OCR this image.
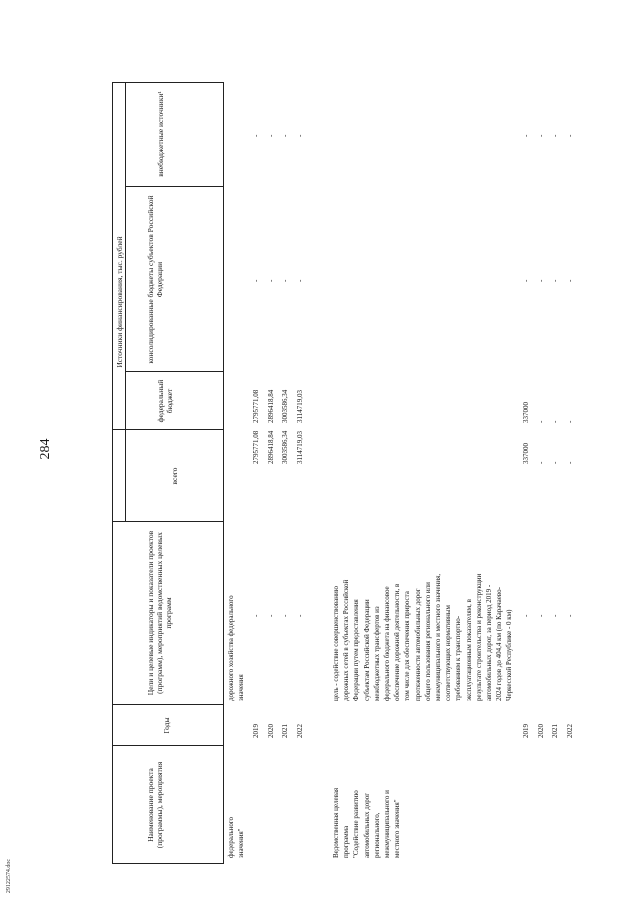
284
29122574.doc
Наименование проекта (программы), мероприятия
Годы
Цели и целевые индикаторы и показатели проектов (программ), мероприятий ведомственных целевых программ
Источники финансирования, тыс. рублей
всего
федеральный бюджет
консолидированные бюджеты субъектов Российской Федерации
внебюджетные источники¹
федерального значения"
дорожного хозяйства федерального значения
2019
-
2795771,08
2795771,08
-
-
2020
-
2896418,84
2896418,84
-
-
2021
-
3003586,34
3003586,34
-
-
2022
-
3114719,03
3114719,03
-
-
Ведомственная целевая программа "Содействие развитию автомобильных дорог регионального, межмуниципального и местного значения"
цель - содействие совершенствованию дорожных сетей в субъектах Российской Федерации путем предоставления субъектам Российской Федерации межбюджетных трансфертов из федерального бюджета на финансовое обеспечение дорожной деятельности, в том числе для обеспечения прироста протяженности автомобильных дорог общего пользования регионального или межмуниципального и местного значения, соответствующих нормативным требованиям к транспортно- эксплуатационным показателям, в результате строительства и реконструкции автомобильных дорог, за период 2019 - 2024 годов до 404,4 км (по Карачаево- Черкесской Республике - 0 км)
2019
-
337000
337000
-
-
2020
-
-
-
-
-
2021
-
-
-
-
-
2022
-
-
-
-
-
